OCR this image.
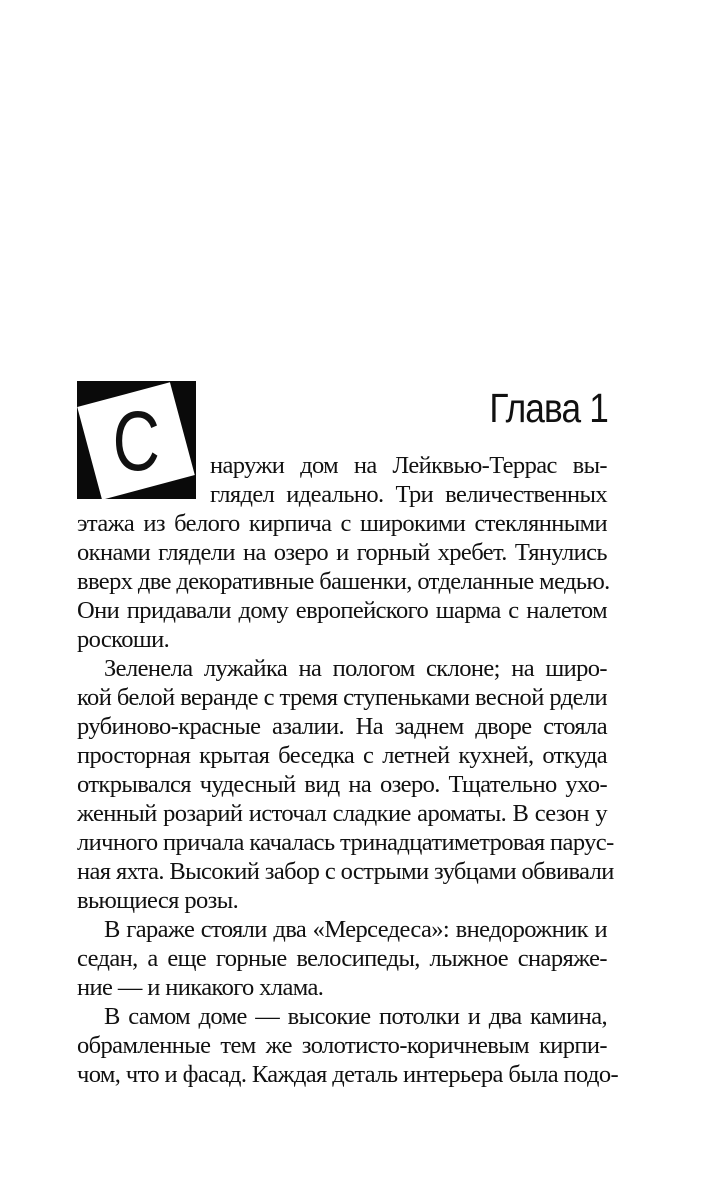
Глава 1
С наружи дом на Лейквью-Террас вы-

глядел идеально. Три величественных

этажа из белого кирпича с широкими стеклянными

окнами глядели на озеро и горный хребет. Тянулись

вверх две декоративные башенки, отделанные медью.

Они придавали дому европейского шарма с налетом

роскоши.

Зеленела лужайка на пологом склоне; на широ-

кой белой веранде с тремя ступеньками весной рдели

рубиново-красные азалии. На заднем дворе стояла

просторная крытая беседка с летней кухней, откуда

открывался чудесный вид на озеро. Тщательно ухо-

женный розарий источал сладкие ароматы. В сезон у

личного причала качалась тринадцатиметровая парус-

ная яхта. Высокий забор с острыми зубцами обвивали

вьющиеся розы.

В гараже стояли два «Мерседеса»: внедорожник и

седан, а еще горные велосипеды, лыжное снаряже-

ние — и никакого хлама.

В самом доме — высокие потолки и два камина,

обрамленные тем же золотисто-коричневым кирпи-

чом, что и фасад. Каждая деталь интерьера была подо-
